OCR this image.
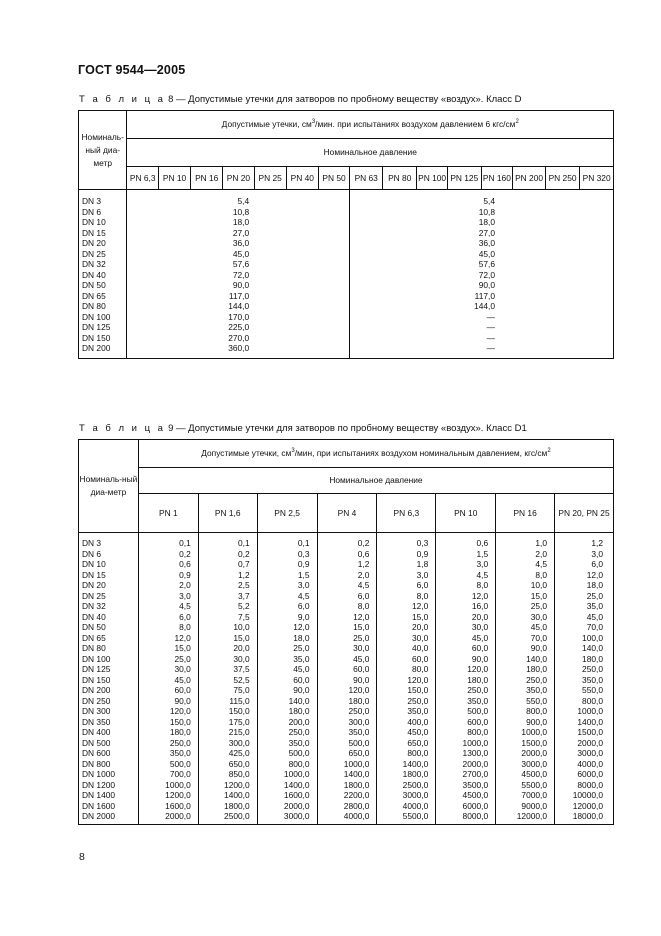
ГОСТ 9544—2005
Т а б л и ц а 8 — Допустимые утечки для затворов по пробному веществу «воздух». Класс D
Номиналь-ный диа-метр	Допустимые утечки, $см^3$/мин. при испытаниях воздухом давлением 6 кгс/$см^2$
	Номинальное давление														
	PN 6,3	PN 10	PN 16	PN 20	PN 25	PN 40	PN 50	PN 63	PN 80	PN 100	PN 125	PN 160	PN 200	PN 250	PN 320
DN 3	5,4							5,4							
DN 6	10,8							10,8							
DN 10	18,0							18,0							
DN 15	27,0							27,0							
DN 20	36,0							36,0							
DN 25	45,0							45,0							
DN 32	57,6							57,6							
DN 40	72,0							72,0							
DN 50	90,0							90,0							
DN 65	117,0							117,0							
DN 80	144,0							144,0							
DN 100	170,0							—							
DN 125	225,0							—							
DN 150	270,0							—							
DN 200	360,0							—							
Т а б л и ц а 9 — Допустимые утечки для затворов по пробному веществу «воздух». Класс D1
Номиналь-ный диа-метр	Допустимые утечки, $см^3$/мин, при испытаниях воздухом номинальным давлением, кгс/$см^2$
	Номинальное давление							
	PN 1	PN 1,6	PN 2,5	PN 4	PN 6,3	PN 10	PN 16	PN 20, PN 25
DN 3	0,1	0,1	0,1	0,2	0,3	0,6	1,0	1,2
DN 6	0,2	0,2	0,3	0,6	0,9	1,5	2,0	3,0
DN 10	0,6	0,7	0,9	1,2	1,8	3,0	4,5	6,0
DN 15	0,9	1,2	1,5	2,0	3,0	4,5	8,0	12,0
DN 20	2,0	2,5	3,0	4,5	6,0	8,0	10,0	18,0
DN 25	3,0	3,7	4,5	6,0	8,0	12,0	15,0	25,0
DN 32	4,5	5,2	6,0	8,0	12,0	16,0	25,0	35,0
DN 40	6,0	7,5	9,0	12,0	15,0	20,0	30,0	45,0
DN 50	8,0	10,0	12,0	15,0	20,0	30,0	45,0	70,0
DN 65	12,0	15,0	18,0	25,0	30,0	45,0	70,0	100,0
DN 80	15,0	20,0	25,0	30,0	40,0	60,0	90,0	140,0
DN 100	25,0	30,0	35,0	45,0	60,0	90,0	140,0	180,0
DN 125	30,0	37,5	45,0	60,0	80,0	120,0	180,0	250,0
DN 150	45,0	52,5	60,0	90,0	120,0	180,0	250,0	350,0
DN 200	60,0	75,0	90,0	120,0	150,0	250,0	350,0	550,0
DN 250	90,0	115,0	140,0	180,0	250,0	350,0	550,0	800,0
DN 300	120,0	150,0	180,0	250,0	350,0	500,0	800,0	1000,0
DN 350	150,0	175,0	200,0	300,0	400,0	600,0	900,0	1400,0
DN 400	180,0	215,0	250,0	350,0	450,0	800,0	1000,0	1500,0
DN 500	250,0	300,0	350,0	500,0	650,0	1000,0	1500,0	2000,0
DN 600	350,0	425,0	500,0	650,0	800,0	1300,0	2000,0	3000,0
DN 800	500,0	650,0	800,0	1000,0	1400,0	2000,0	3000,0	4000,0
DN 1000	700,0	850,0	1000,0	1400,0	1800,0	2700,0	4500,0	6000,0
DN 1200	1000,0	1200,0	1400,0	1800,0	2500,0	3500,0	5500,0	8000,0
DN 1400	1200,0	1400,0	1600,0	2200,0	3000,0	4500,0	7000,0	10000,0
DN 1600	1600,0	1800,0	2000,0	2800,0	4000,0	6000,0	9000,0	12000,0
DN 2000	2000,0	2500,0	3000,0	4000,0	5500,0	8000,0	12000,0	18000,0
8
